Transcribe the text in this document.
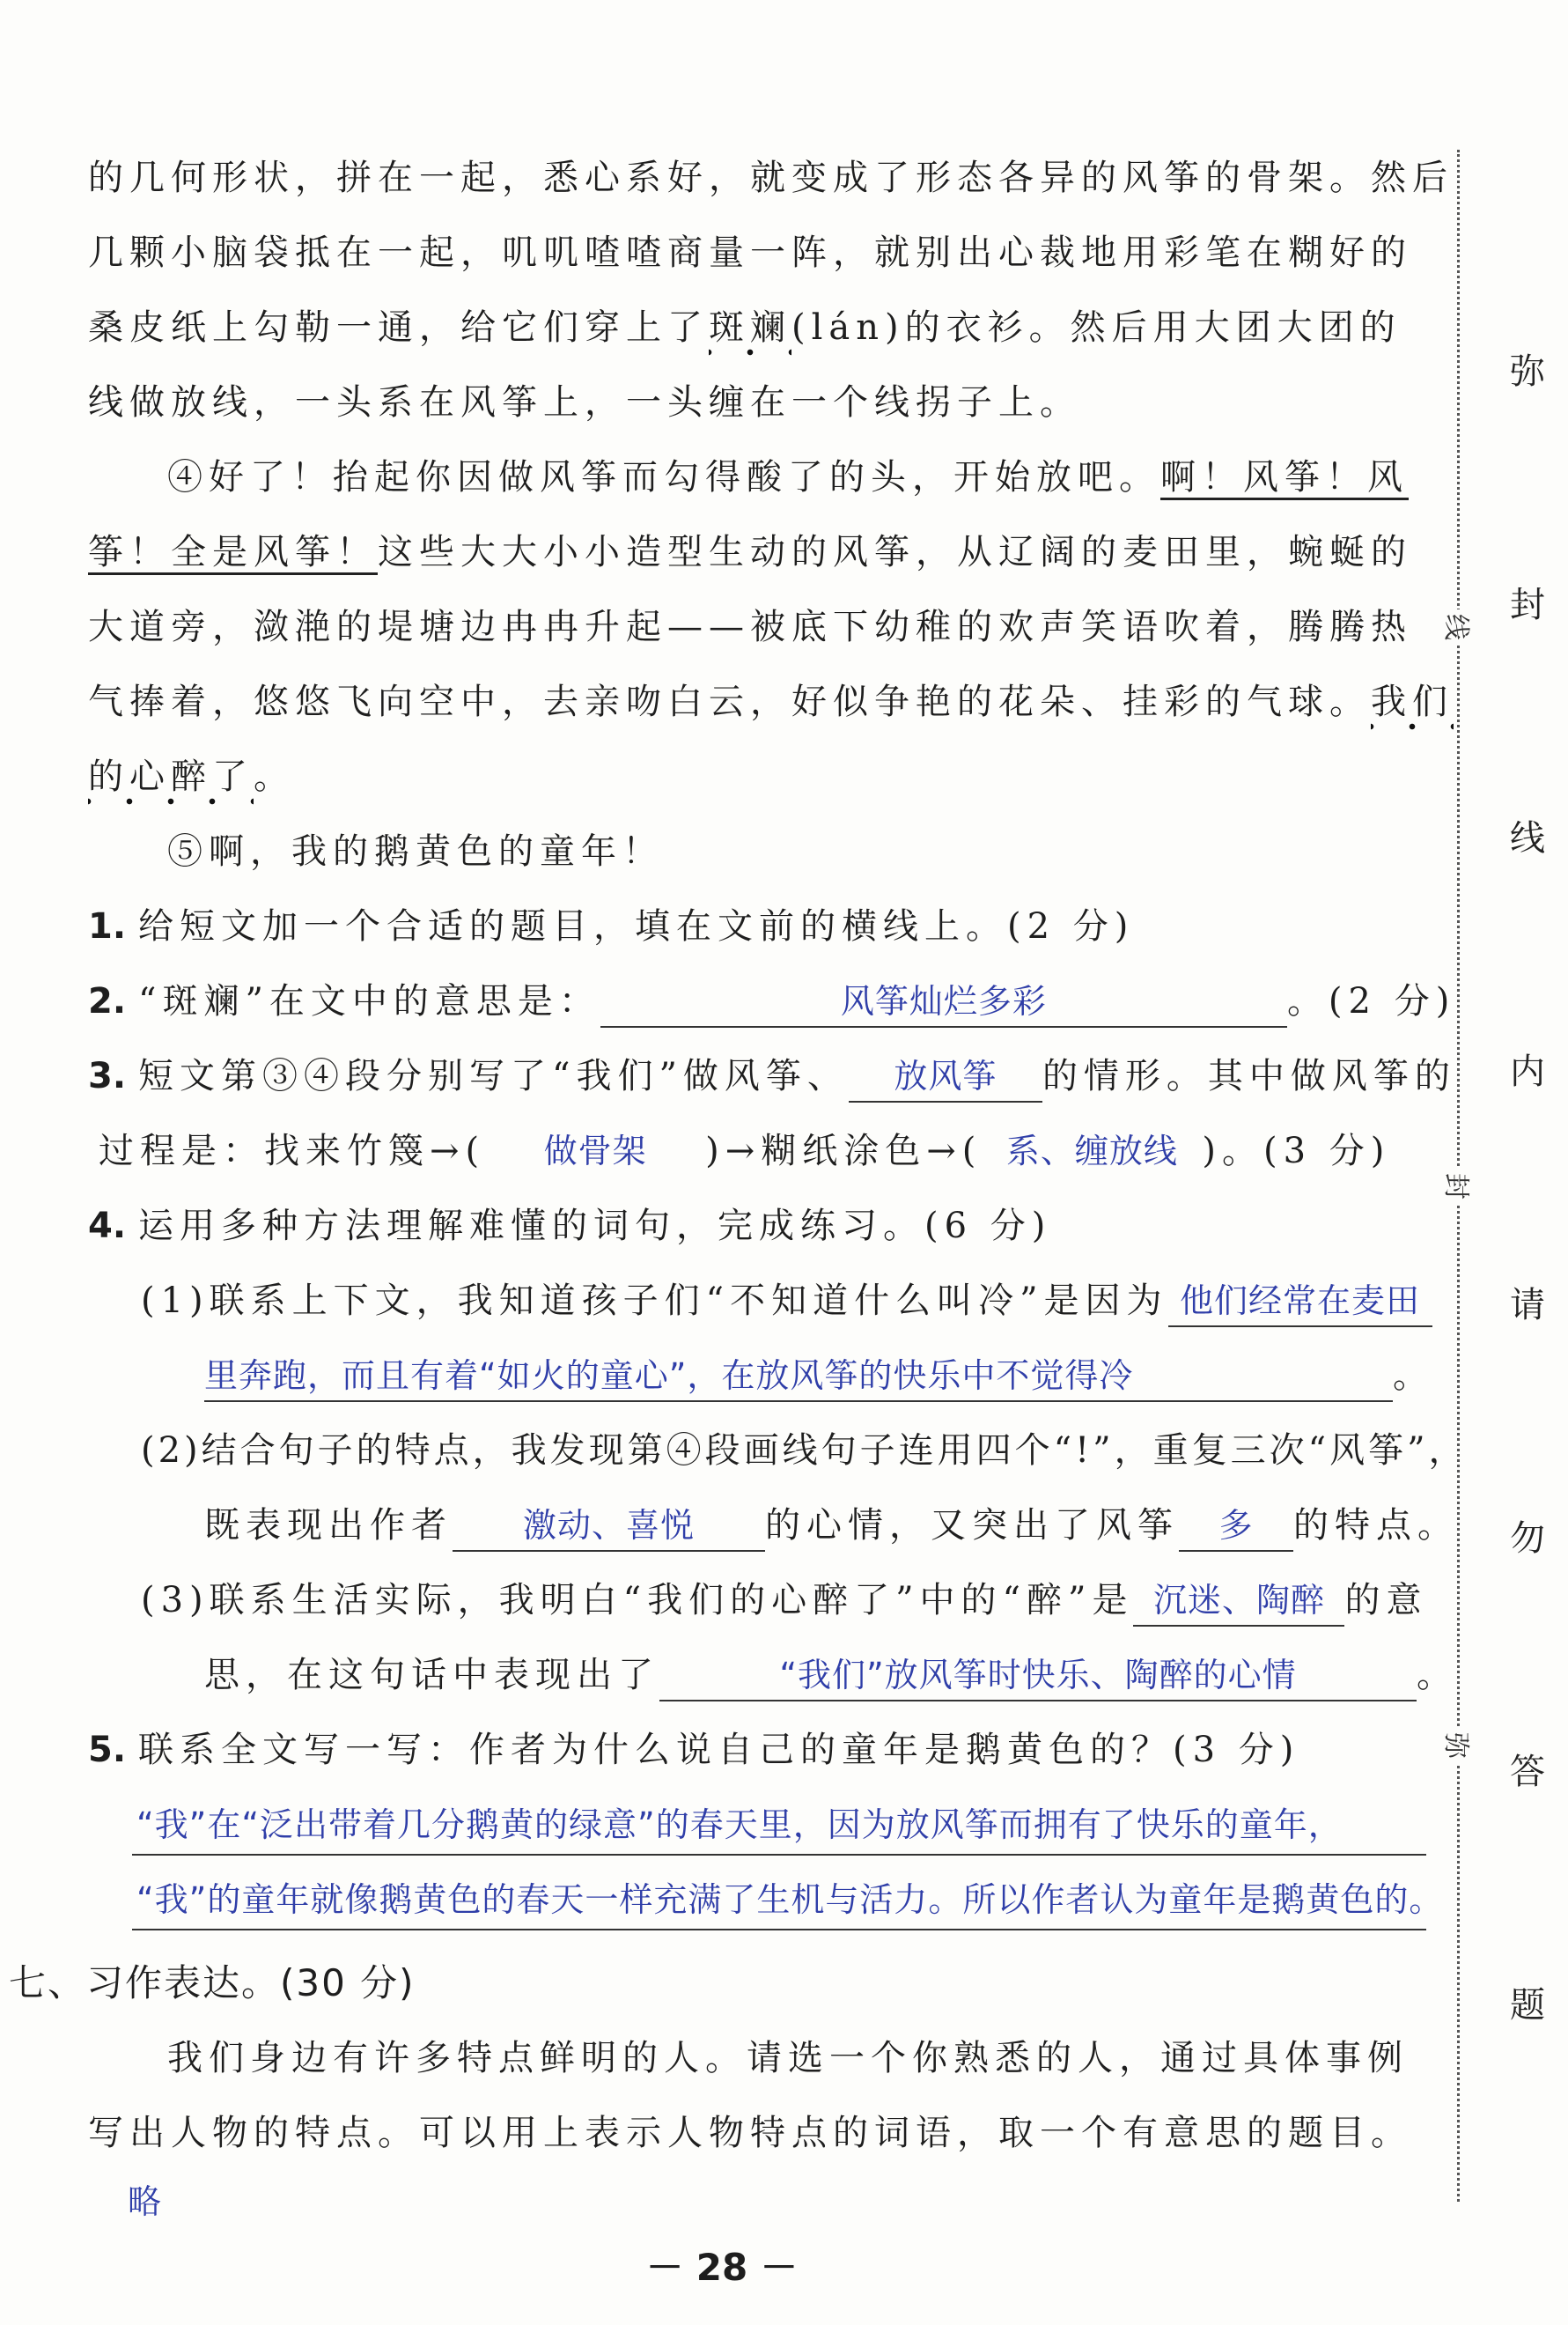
的几何形状，拼在一起，悉心系好，就变成了形态各异的风筝的骨架。然后
几颗小脑袋抵在一起，叽叽喳喳商量一阵，就别出心裁地用彩笔在糊好的
桑皮纸上勾勒一通，给它们穿上了斑斓(lán)的衣衫。然后用大团大团的
线做放线，一头系在风筝上，一头缠在一个线拐子上。
④好了！抬起你因做风筝而勾得酸了的头，开始放吧。啊！风筝！风
筝！全是风筝！这些大大小小造型生动的风筝，从辽阔的麦田里，蜿蜒的
大道旁，潋滟的堤塘边冉冉升起——被底下幼稚的欢声笑语吹着，腾腾热
气捧着，悠悠飞向空中，去亲吻白云，好似争艳的花朵、挂彩的气球。我们
的心醉了。
⑤啊，我的鹅黄色的童年！
1. 给短文加一个合适的题目，填在文前的横线上。(2 分)
2. “斑斓”在文中的意思是：	风筝灿烂多彩	。(2 分)
3. 短文第③④段分别写了“我们”做风筝、 放风筝 的情形。其中做风筝的
过程是：找来竹篾→( 做骨架 )→糊纸涂色→( 系、缠放线 )。(3 分)
4. 运用多种方法理解难懂的词句，完成练习。(6 分)
(1)联系上下文，我知道孩子们“不知道什么叫冷”是因为 他们经常在麦田
里奔跑，而且有着“如火的童心”，在放风筝的快乐中不觉得冷	。
(2)结合句子的特点，我发现第④段画线句子连用四个“!”，重复三次“风筝”，
既表现出作者 激动、喜悦 的心情，又突出了风筝 多 的特点。
(3)联系生活实际，我明白“我们的心醉了”中的“醉”是 沉迷、陶醉 的意
思，在这句话中表现出了	“我们”放风筝时快乐、陶醉的心情	。
5. 联系全文写一写：作者为什么说自己的童年是鹅黄色的？(3 分)
“我”在“泛出带着几分鹅黄的绿意”的春天里，因为放风筝而拥有了快乐的童年，
“我”的童年就像鹅黄色的春天一样充满了生机与活力。所以作者认为童年是鹅黄色的。
七、习作表达。(30 分)
我们身边有许多特点鲜明的人。请选一个你熟悉的人，通过具体事例
写出人物的特点。可以用上表示人物特点的词语，取一个有意思的题目。
略
线
封
弥
弥
封
线
内
请
勿
答
题
－ 28 －
